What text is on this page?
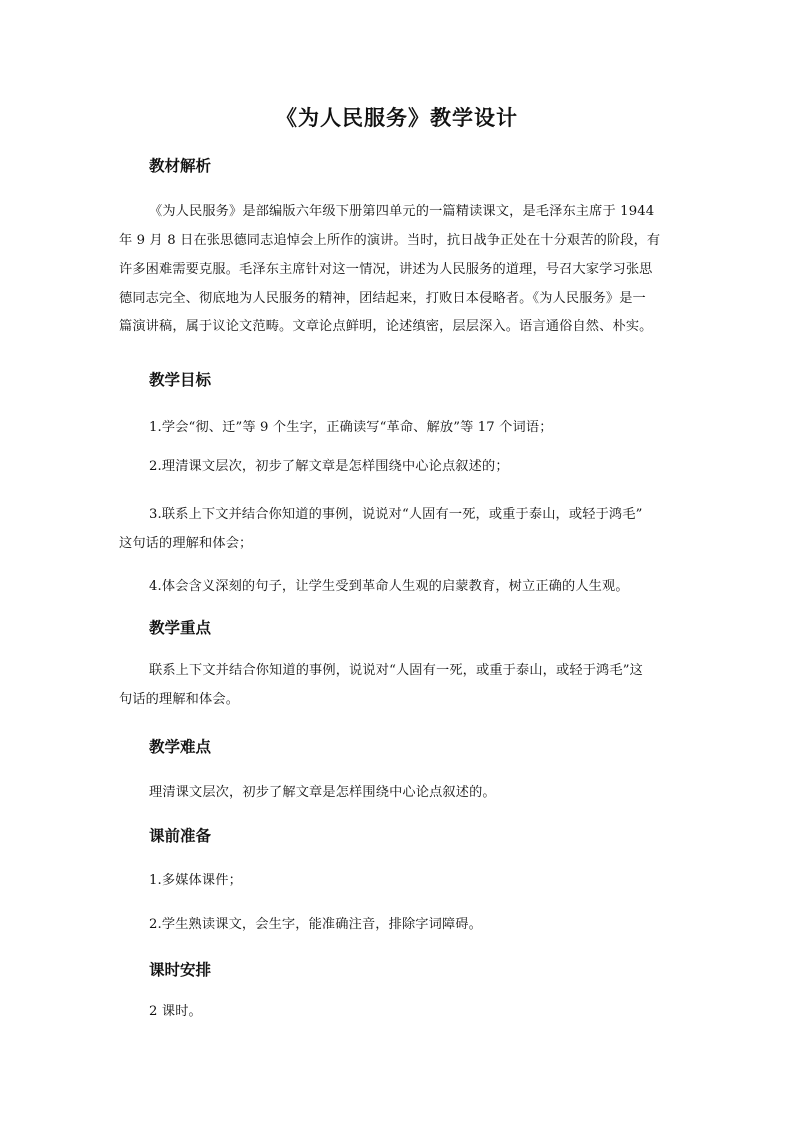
《为人民服务》教学设计
教材解析
《为人民服务》是部编版六年级下册第四单元的一篇精读课文，是毛泽东主席于 1944
年 9 月 8 日在张思德同志追悼会上所作的演讲。当时，抗日战争正处在十分艰苦的阶段，有
许多困难需要克服。毛泽东主席针对这一情况，讲述为人民服务的道理，号召大家学习张思
德同志完全、彻底地为人民服务的精神，团结起来，打败日本侵略者。《为人民服务》是一
篇演讲稿，属于议论文范畴。文章论点鲜明，论述缜密，层层深入。语言通俗自然、朴实。
教学目标
1.学会“彻、迁”等 9 个生字，正确读写“革命、解放”等 17 个词语；
2.理清课文层次，初步了解文章是怎样围绕中心论点叙述的；
3.联系上下文并结合你知道的事例，说说对“人固有一死，或重于泰山，或轻于鸿毛”
这句话的理解和体会；
4.体会含义深刻的句子，让学生受到革命人生观的启蒙教育，树立正确的人生观。
教学重点
联系上下文并结合你知道的事例，说说对“人固有一死，或重于泰山，或轻于鸿毛”这
句话的理解和体会。
教学难点
理清课文层次，初步了解文章是怎样围绕中心论点叙述的。
课前准备
1.多媒体课件；
2.学生熟读课文，会生字，能准确注音，排除字词障碍。
课时安排
2 课时。
